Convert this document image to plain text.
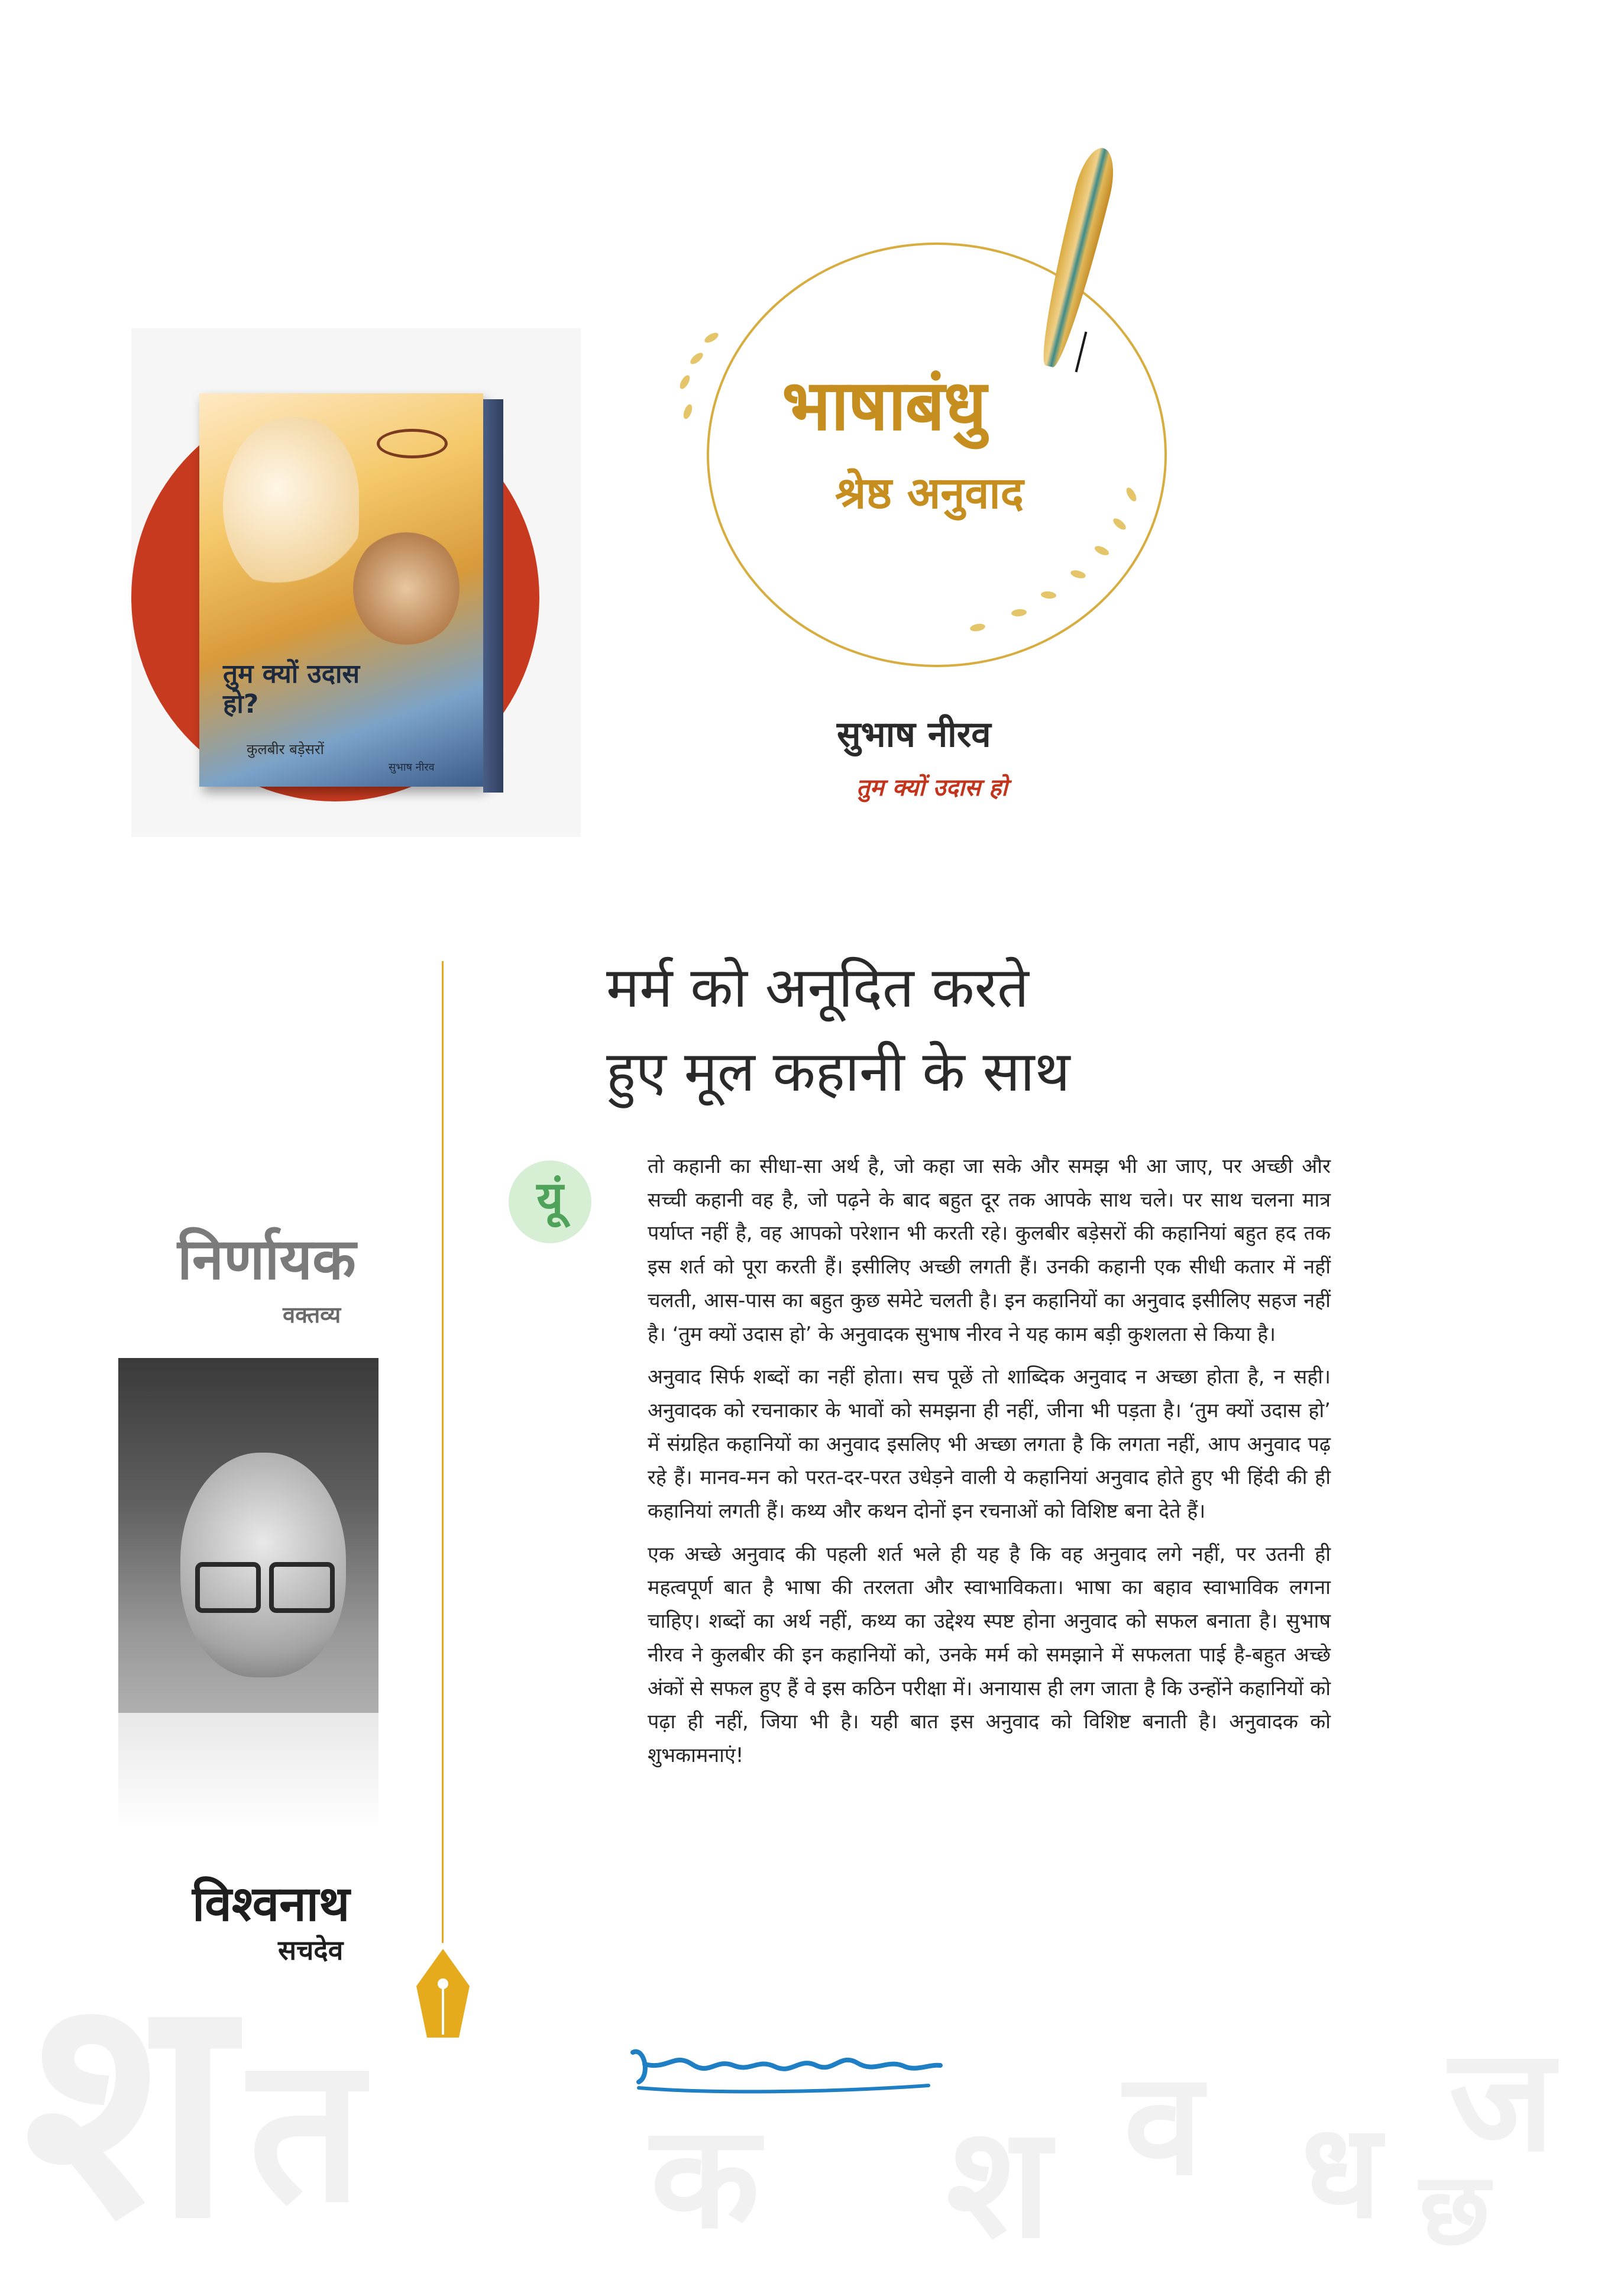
श त क श व ध ज
छ
तुम क्यों उदास हो?
कुलबीर बड़ेसरों
सुभाष नीरव
भाषाबंधु
श्रेष्ठ अनुवाद
सुभाष नीरव
तुम क्यों उदास हो
निर्णायक
वक्तव्य
विश्वनाथ
सचदेव
मर्म को अनूदित करते
हुए मूल कहानी के साथ
यूं

तो कहानी का सीधा-सा अर्थ है, जो कहा जा सके और समझ भी आ जाए, पर अच्छी और सच्ची कहानी वह है, जो पढ़ने के बाद बहुत दूर तक आपके साथ चले। पर साथ चलना मात्र पर्याप्त नहीं है, वह आपको परेशान भी करती रहे। कुलबीर बड़ेसरों की कहानियां बहुत हद तक इस शर्त को पूरा करती हैं। इसीलिए अच्छी लगती हैं। उनकी कहानी एक सीधी कतार में नहीं चलती, आस-पास का बहुत कुछ समेटे चलती है। इन कहानियों का अनुवाद इसीलिए सहज नहीं है। ‘तुम क्यों उदास हो’ के अनुवादक सुभाष नीरव ने यह काम बड़ी कुशलता से किया है।

अनुवाद सिर्फ शब्दों का नहीं होता। सच पूछें तो शाब्दिक अनुवाद न अच्छा होता है, न सही। अनुवादक को रचनाकार के भावों को समझना ही नहीं, जीना भी पड़ता है। ‘तुम क्यों उदास हो’ में संग्रहित कहानियों का अनुवाद इसलिए भी अच्छा लगता है कि लगता नहीं, आप अनुवाद पढ़ रहे हैं। मानव-मन को परत-दर-परत उधेड़ने वाली ये कहानियां अनुवाद होते हुए भी हिंदी की ही कहानियां लगती हैं। कथ्य और कथन दोनों इन रचनाओं को विशिष्ट बना देते हैं।

एक अच्छे अनुवाद की पहली शर्त भले ही यह है कि वह अनुवाद लगे नहीं, पर उतनी ही महत्वपूर्ण बात है भाषा की तरलता और स्वाभाविकता। भाषा का बहाव स्वाभाविक लगना चाहिए। शब्दों का अर्थ नहीं, कथ्य का उद्देश्य स्पष्ट होना अनुवाद को सफल बनाता है। सुभाष नीरव ने कुलबीर की इन कहानियों को, उनके मर्म को समझाने में सफलता पाई है-बहुत अच्छे अंकों से सफल हुए हैं वे इस कठिन परीक्षा में। अनायास ही लग जाता है कि उन्होंने कहानियों को पढ़ा ही नहीं, जिया भी है। यही बात इस अनुवाद को विशिष्ट बनाती है। अनुवादक को शुभकामनाएं!
